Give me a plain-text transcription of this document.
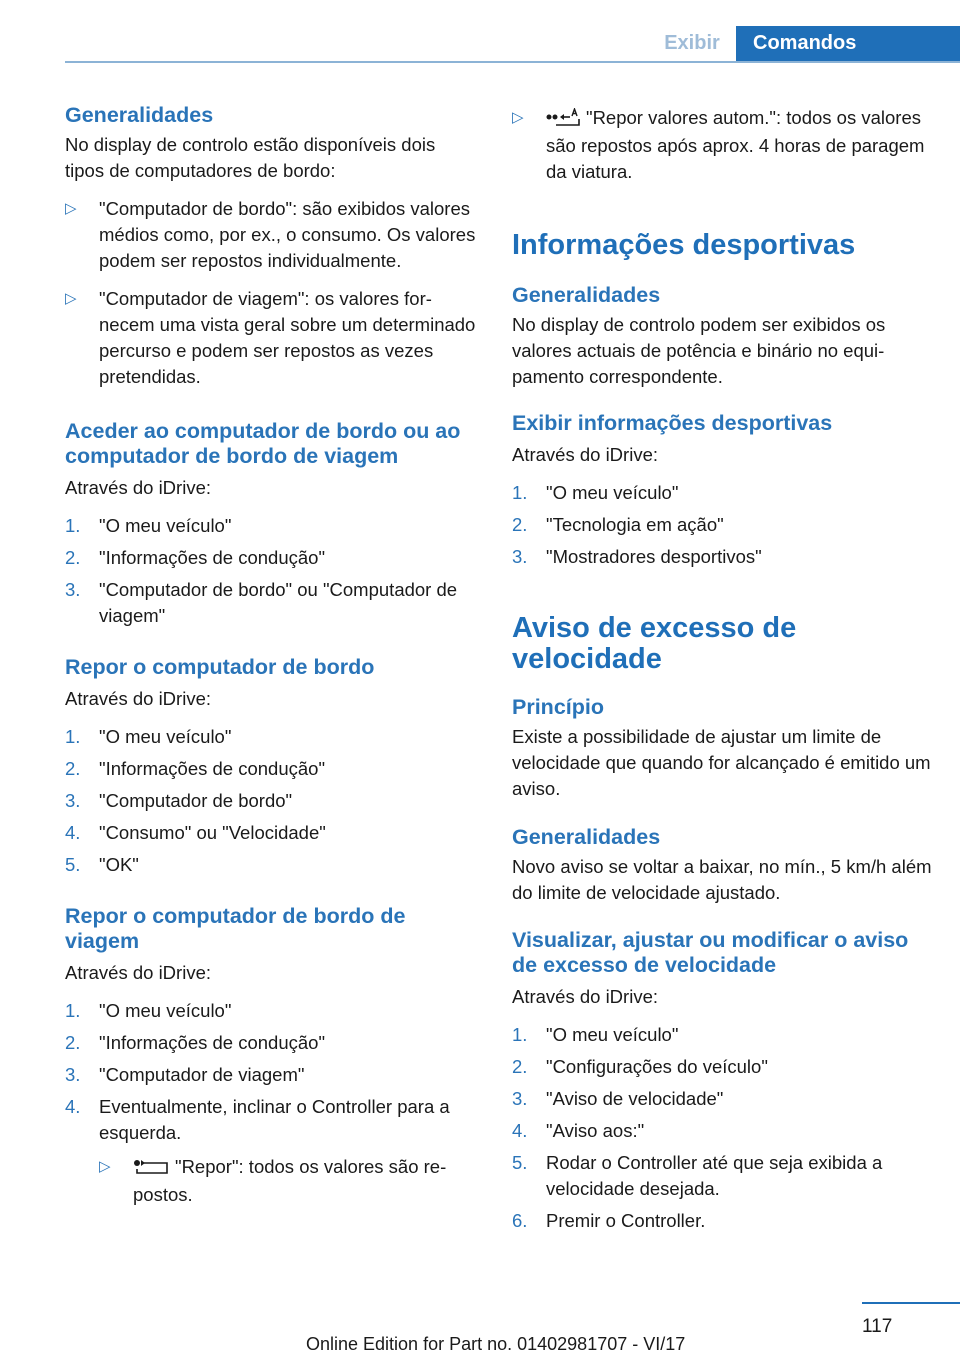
Exibir	Comandos
Generalidades

No display de controlo estão disponíveis dois tipos de computadores de bordo:

▷ "Computador de bordo": são exibidos valores médios como, por ex., o consumo. Os valores podem ser repostos individualmente.
▷ "Computador de viagem": os valores fornecem uma vista geral sobre um determinado percurso e podem ser repostos as vezes pretendidas.
Aceder ao computador de bordo ou ao computador de bordo de viagem

Através do iDrive:

1. "O meu veículo"
2. "Informações de condução"
3. "Computador de bordo" ou "Computador de viagem"
Repor o computador de bordo

Através do iDrive:

1. "O meu veículo"
2. "Informações de condução"
3. "Computador de bordo"
4. "Consumo" ou "Velocidade"
5. "OK"
Repor o computador de bordo de viagem

Através do iDrive:

1. "O meu veículo"
2. "Informações de condução"
3. "Computador de viagem"
4. Eventualmente, inclinar o Controller para a esquerda.
▷	"Repor": todos os valores são repostos.
▷	"Repor valores autom.": todos os valores são repostos após aprox. 4 horas de paragem da viatura.
Informações desportivas
Generalidades

No display de controlo podem ser exibidos os valores actuais de potência e binário no equipamento correspondente.

Exibir informações desportivas

Através do iDrive:

1. "O meu veículo"
2. "Tecnologia em ação"
3. "Mostradores desportivos"
Aviso de excesso de velocidade
Princípio

Existe a possibilidade de ajustar um limite de velocidade que quando for alcançado é emitido um aviso.

Generalidades

Novo aviso se voltar a baixar, no mín., 5 km/h além do limite de velocidade ajustado.

Visualizar, ajustar ou modificar o aviso de excesso de velocidade

Através do iDrive:

1. "O meu veículo"
2. "Configurações do veículo"
3. "Aviso de velocidade"
4. "Aviso aos:"
5. Rodar o Controller até que seja exibida a velocidade desejada.
6. Premir o Controller.
117
Online Edition for Part no. 01402981707 - VI/17
